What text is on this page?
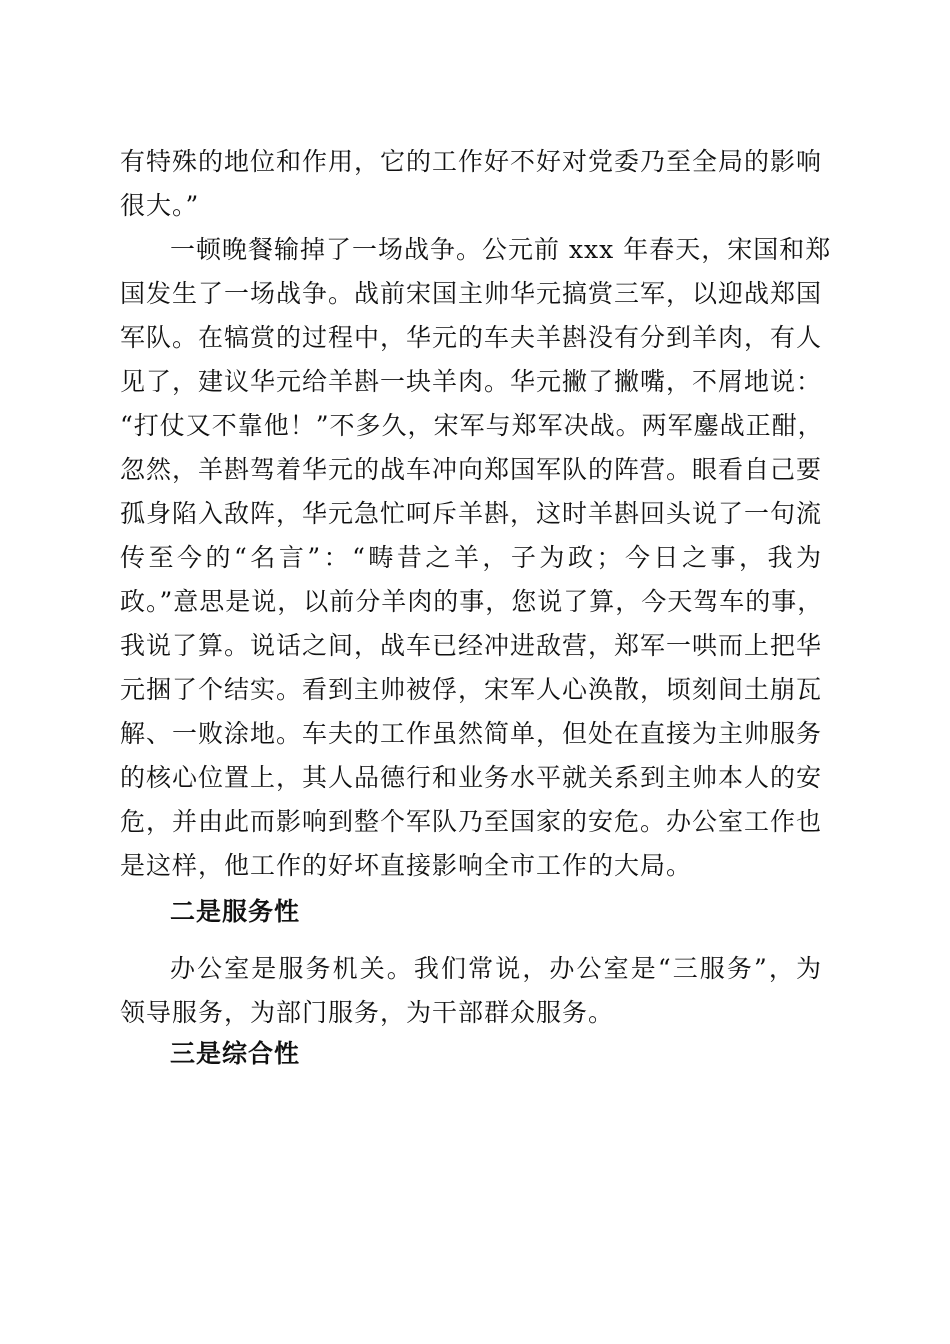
有特殊的地位和作用，它的工作好不好对党委乃至全局的影响
很大。”
一顿晚餐输掉了一场战争。公元前 xxx 年春天，宋国和郑
国发生了一场战争。战前宋国主帅华元搞赏三军，以迎战郑国
军队。在犒赏的过程中，华元的车夫羊斟没有分到羊肉，有人
见了，建议华元给羊斟一块羊肉。华元撇了撇嘴，不屑地说：
“打仗又不靠他！”不多久，宋军与郑军决战。两军鏖战正酣，
忽然，羊斟驾着华元的战车冲向郑国军队的阵营。眼看自己要
孤身陷入敌阵，华元急忙呵斥羊斟，这时羊斟回头说了一句流
传至今的“名言”：“畴昔之羊，子为政；今日之事，我为
政。”意思是说，以前分羊肉的事，您说了算，今天驾车的事，
我说了算。说话之间，战车已经冲进敌营，郑军一哄而上把华
元捆了个结实。看到主帅被俘，宋军人心涣散，顷刻间土崩瓦
解、一败涂地。车夫的工作虽然简单，但处在直接为主帅服务
的核心位置上，其人品德行和业务水平就关系到主帅本人的安
危，并由此而影响到整个军队乃至国家的安危。办公室工作也
是这样，他工作的好坏直接影响全市工作的大局。
二是服务性
办公室是服务机关。我们常说，办公室是“三服务”，为
领导服务，为部门服务，为干部群众服务。
三是综合性
